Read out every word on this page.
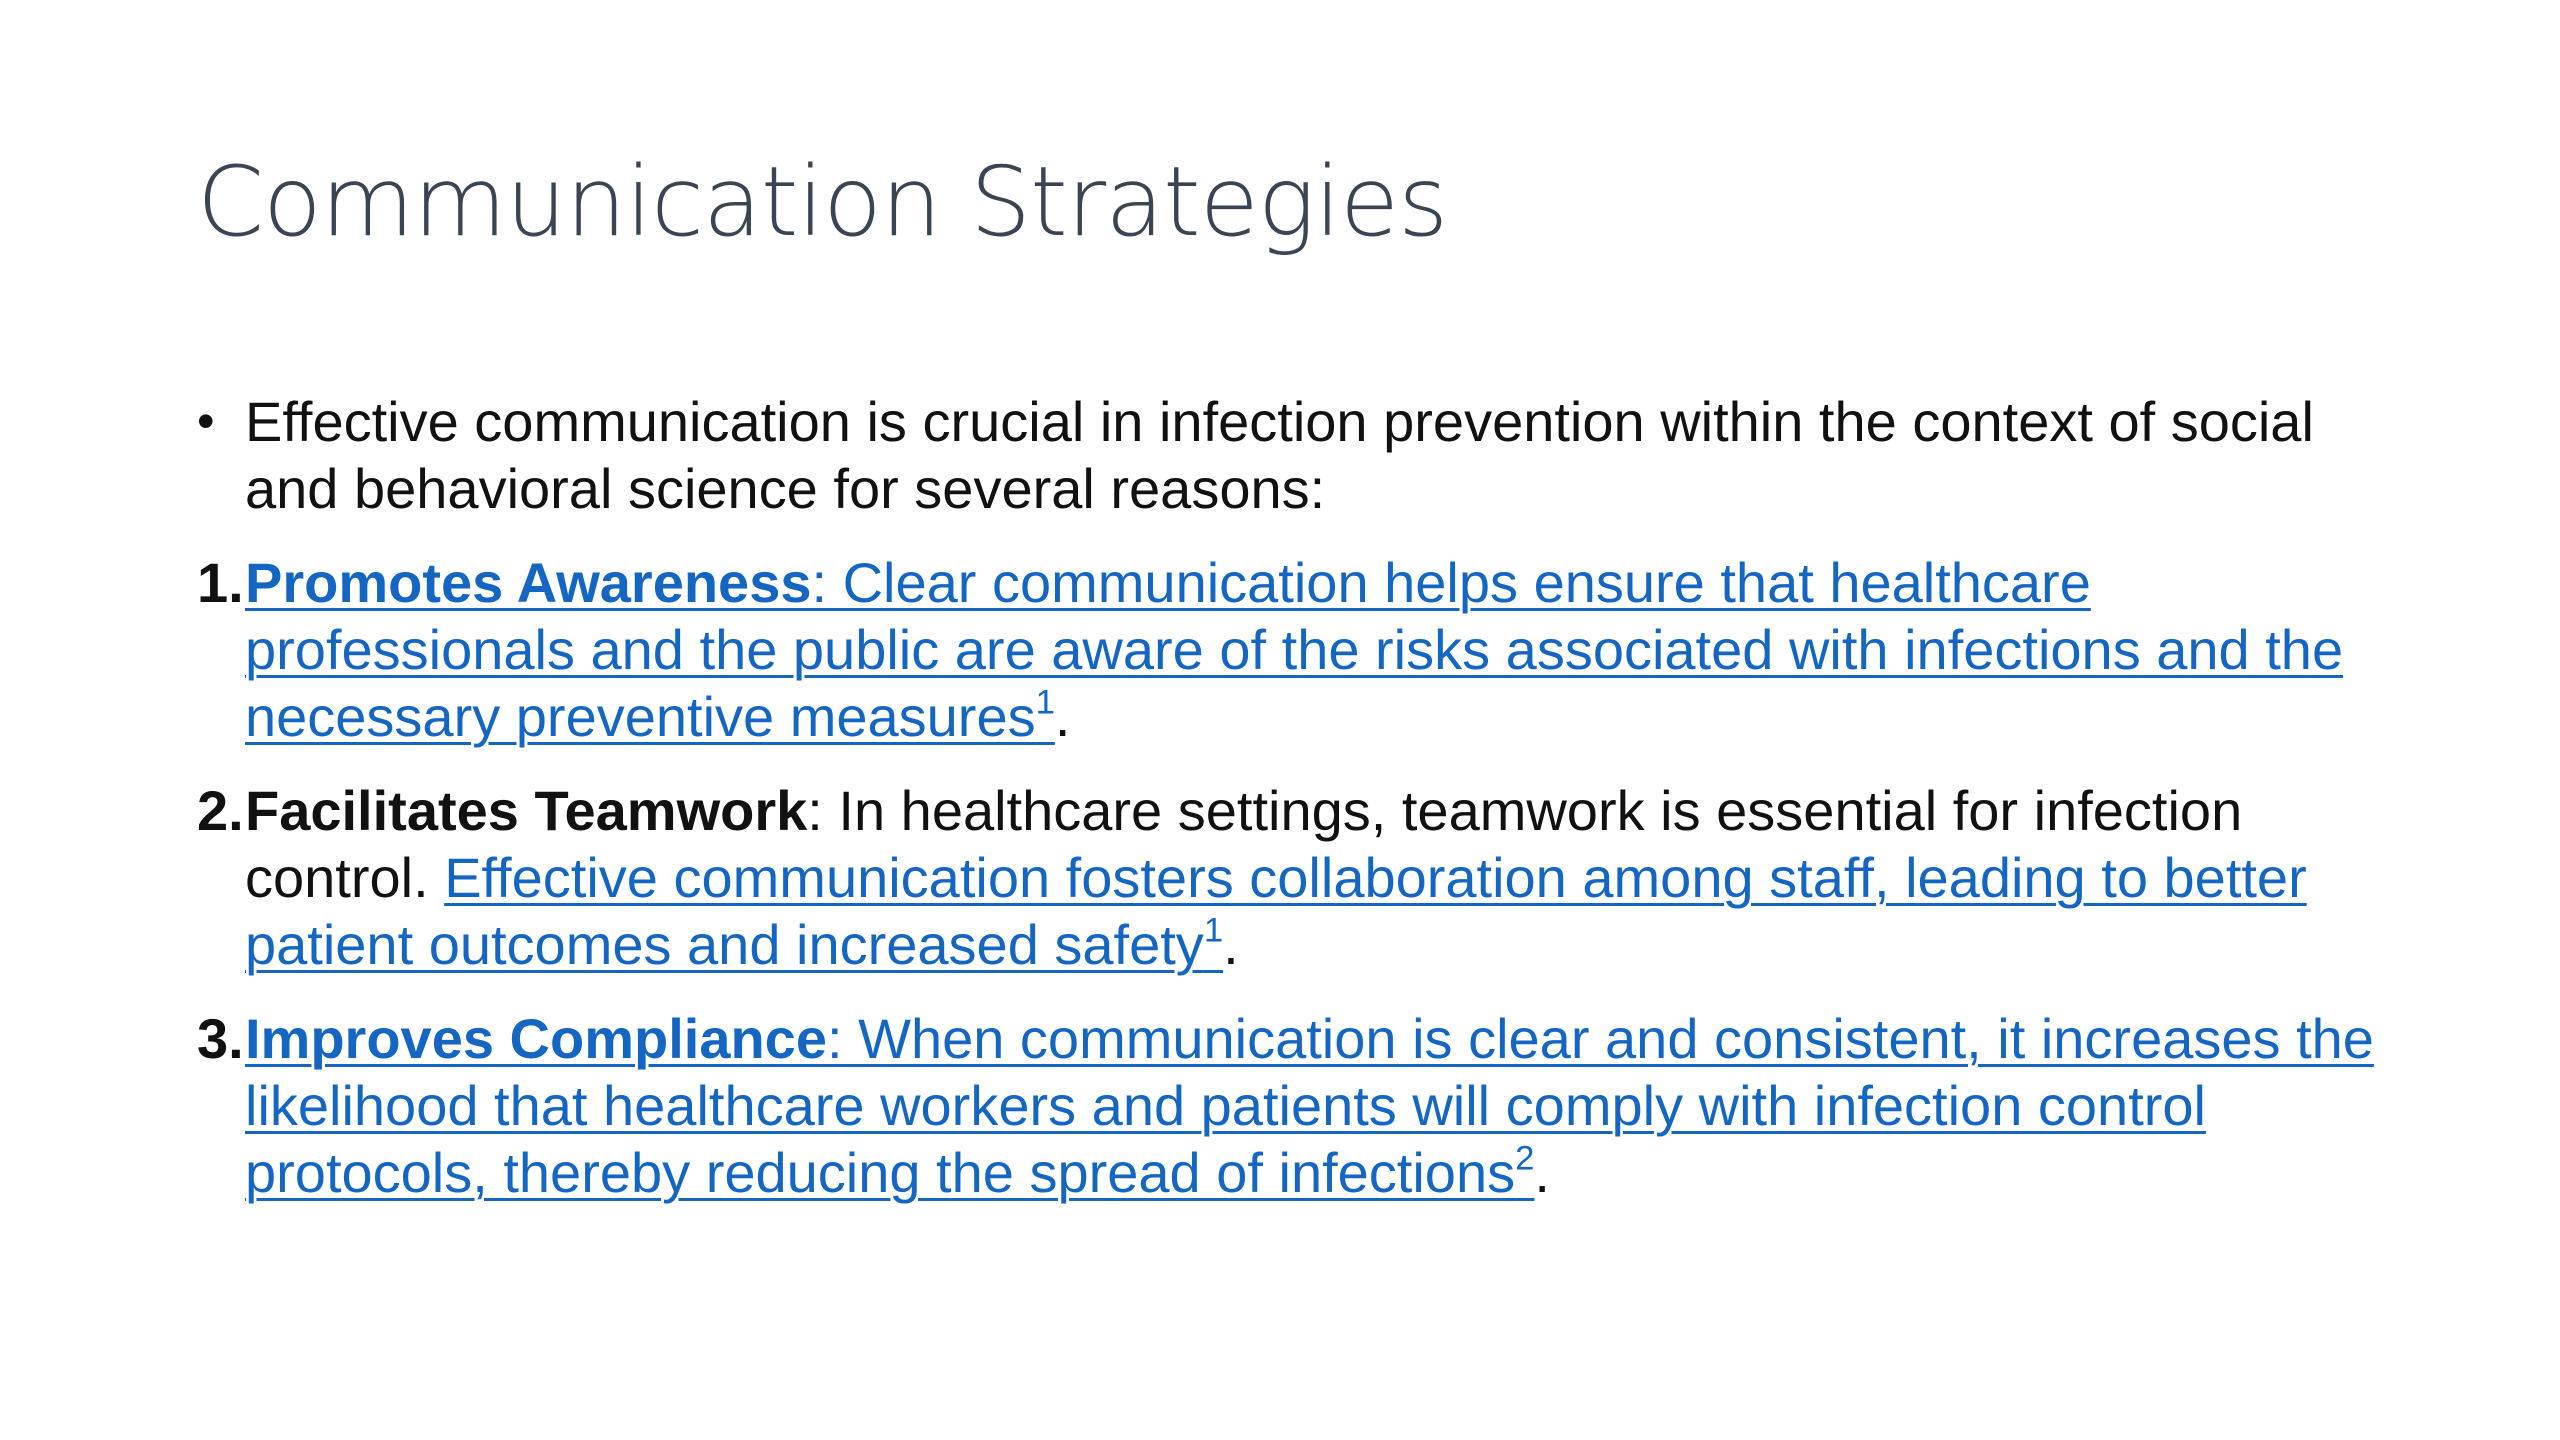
Communication Strategies
• Effective communication is crucial in infection prevention within the context of social and behavioral science for several reasons:
1. Promotes Awareness: Clear communication helps ensure that healthcare professionals and the public are aware of the risks associated with infections and the necessary preventive measures$^1$.
2. Facilitates Teamwork: In healthcare settings, teamwork is essential for infection control. Effective communication fosters collaboration among staff, leading to better patient outcomes and increased safety$^1$.
3. Improves Compliance: When communication is clear and consistent, it increases the likelihood that healthcare workers and patients will comply with infection control protocols, thereby reducing the spread of infections$^2$.
